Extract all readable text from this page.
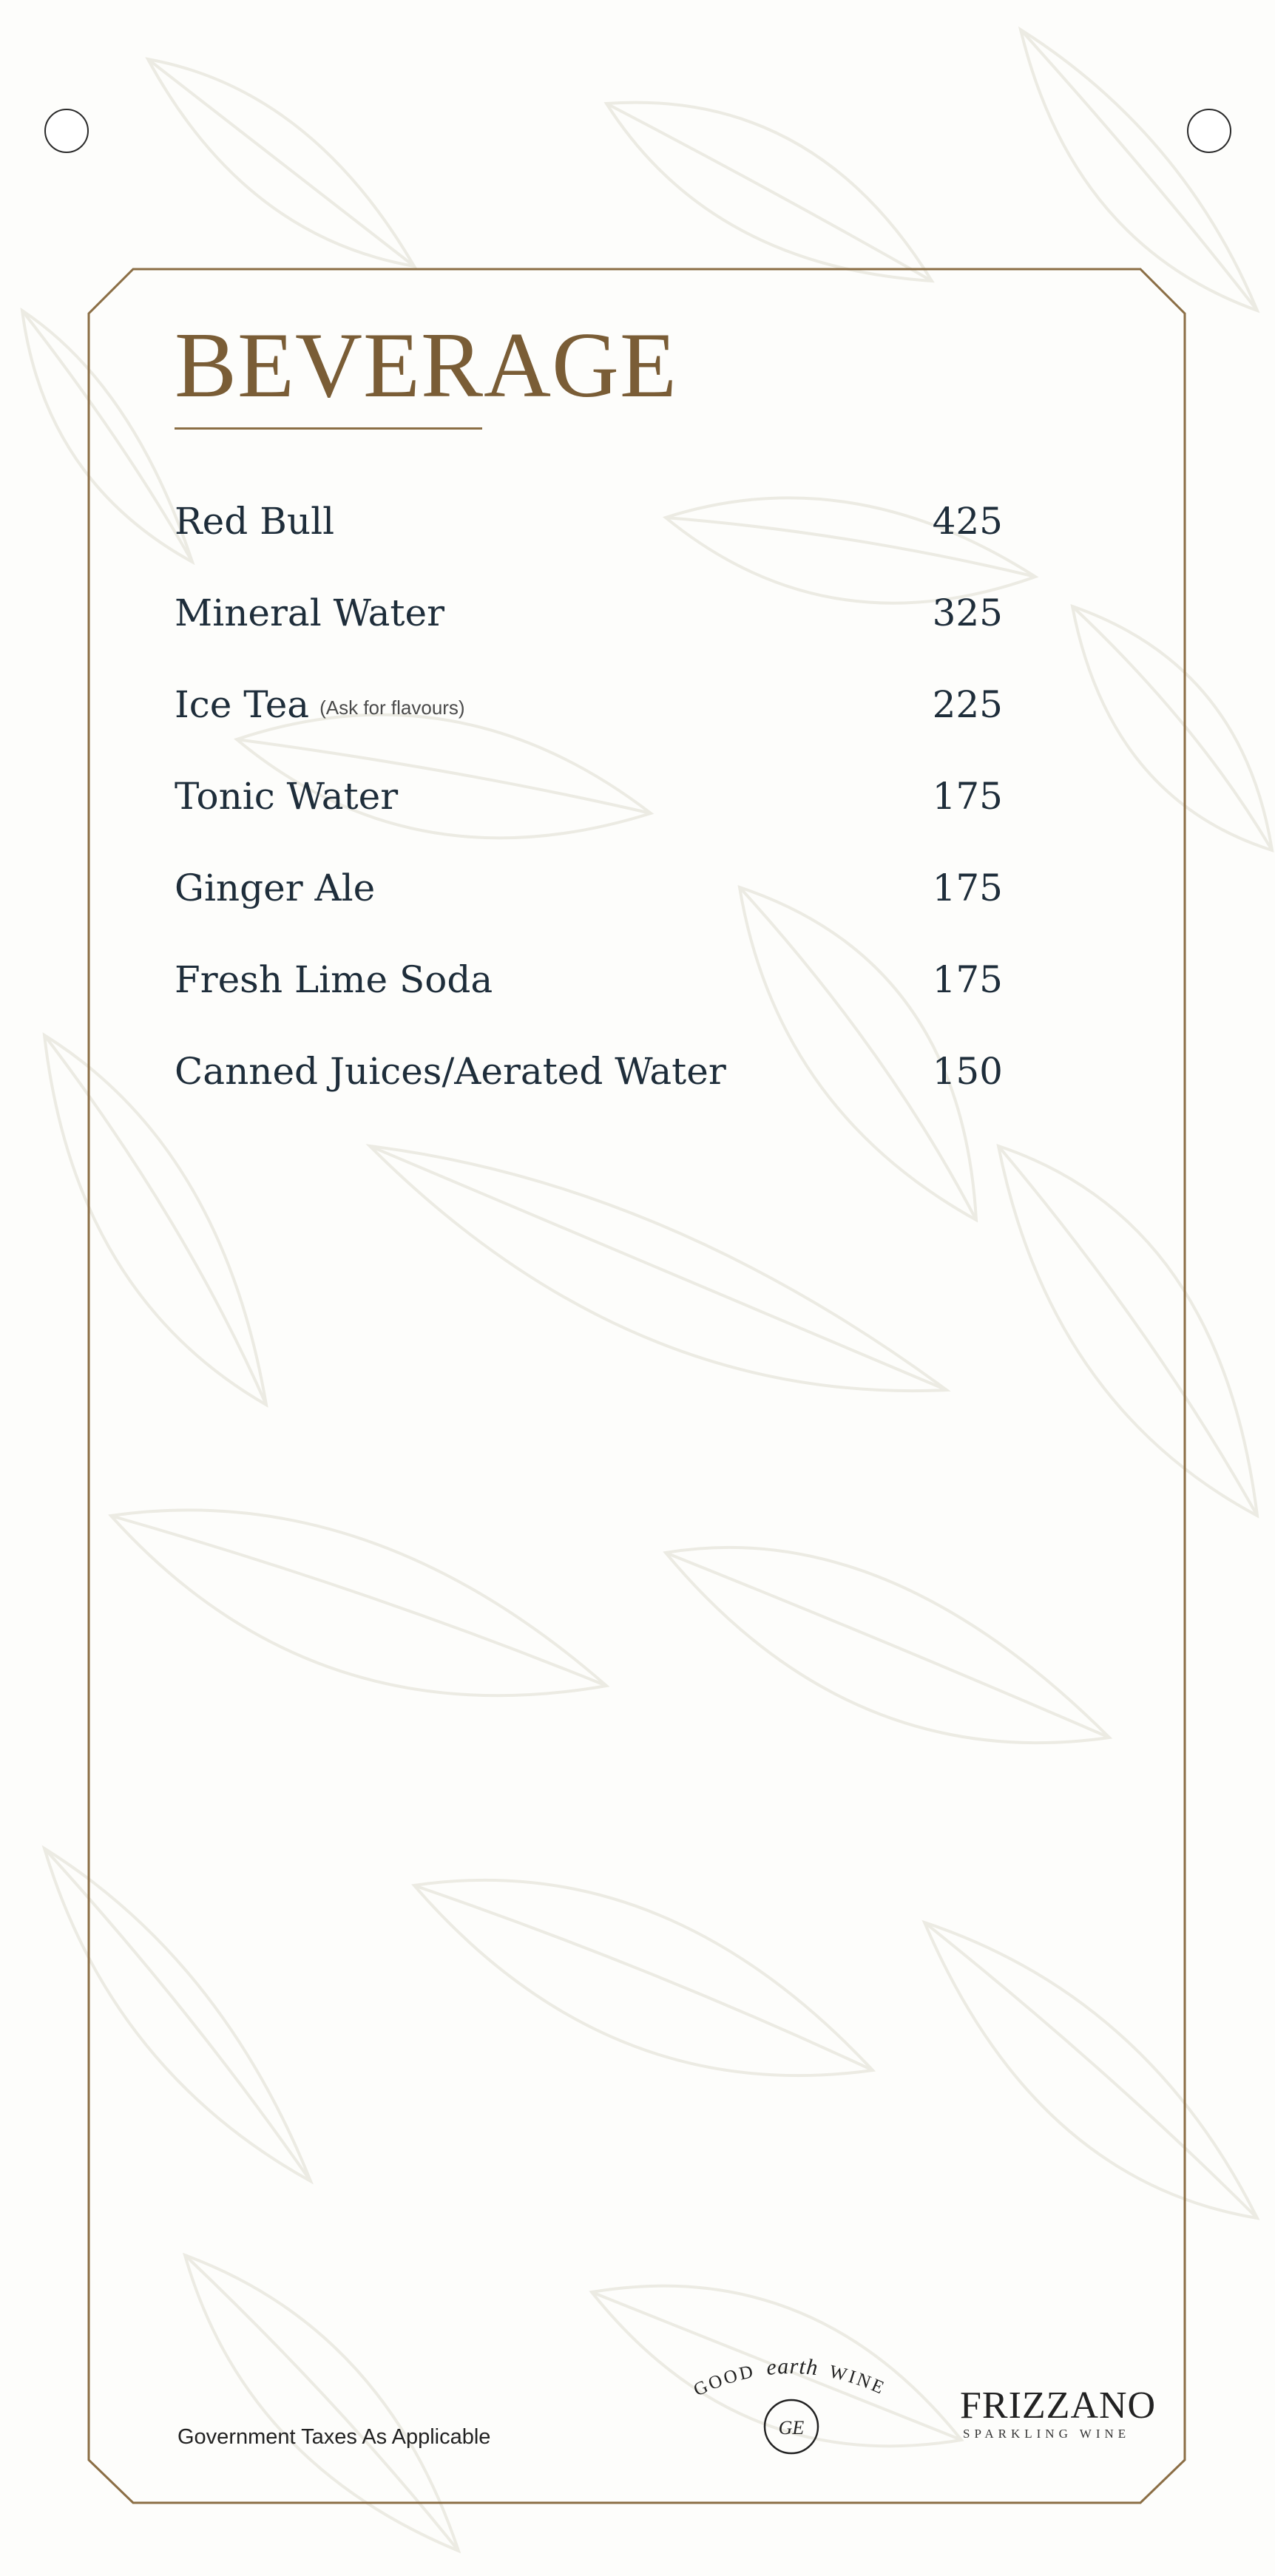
BEVERAGE
Red Bull	425
Mineral Water	325
Ice Tea (Ask for flavours)	225
Tonic Water	175
Ginger Ale	175
Fresh Lime Soda	175
Canned Juices/Aerated Water	150
Government Taxes As Applicable
GOOD earth WINE
GE
FRIZZANO
SPARKLING WINE
